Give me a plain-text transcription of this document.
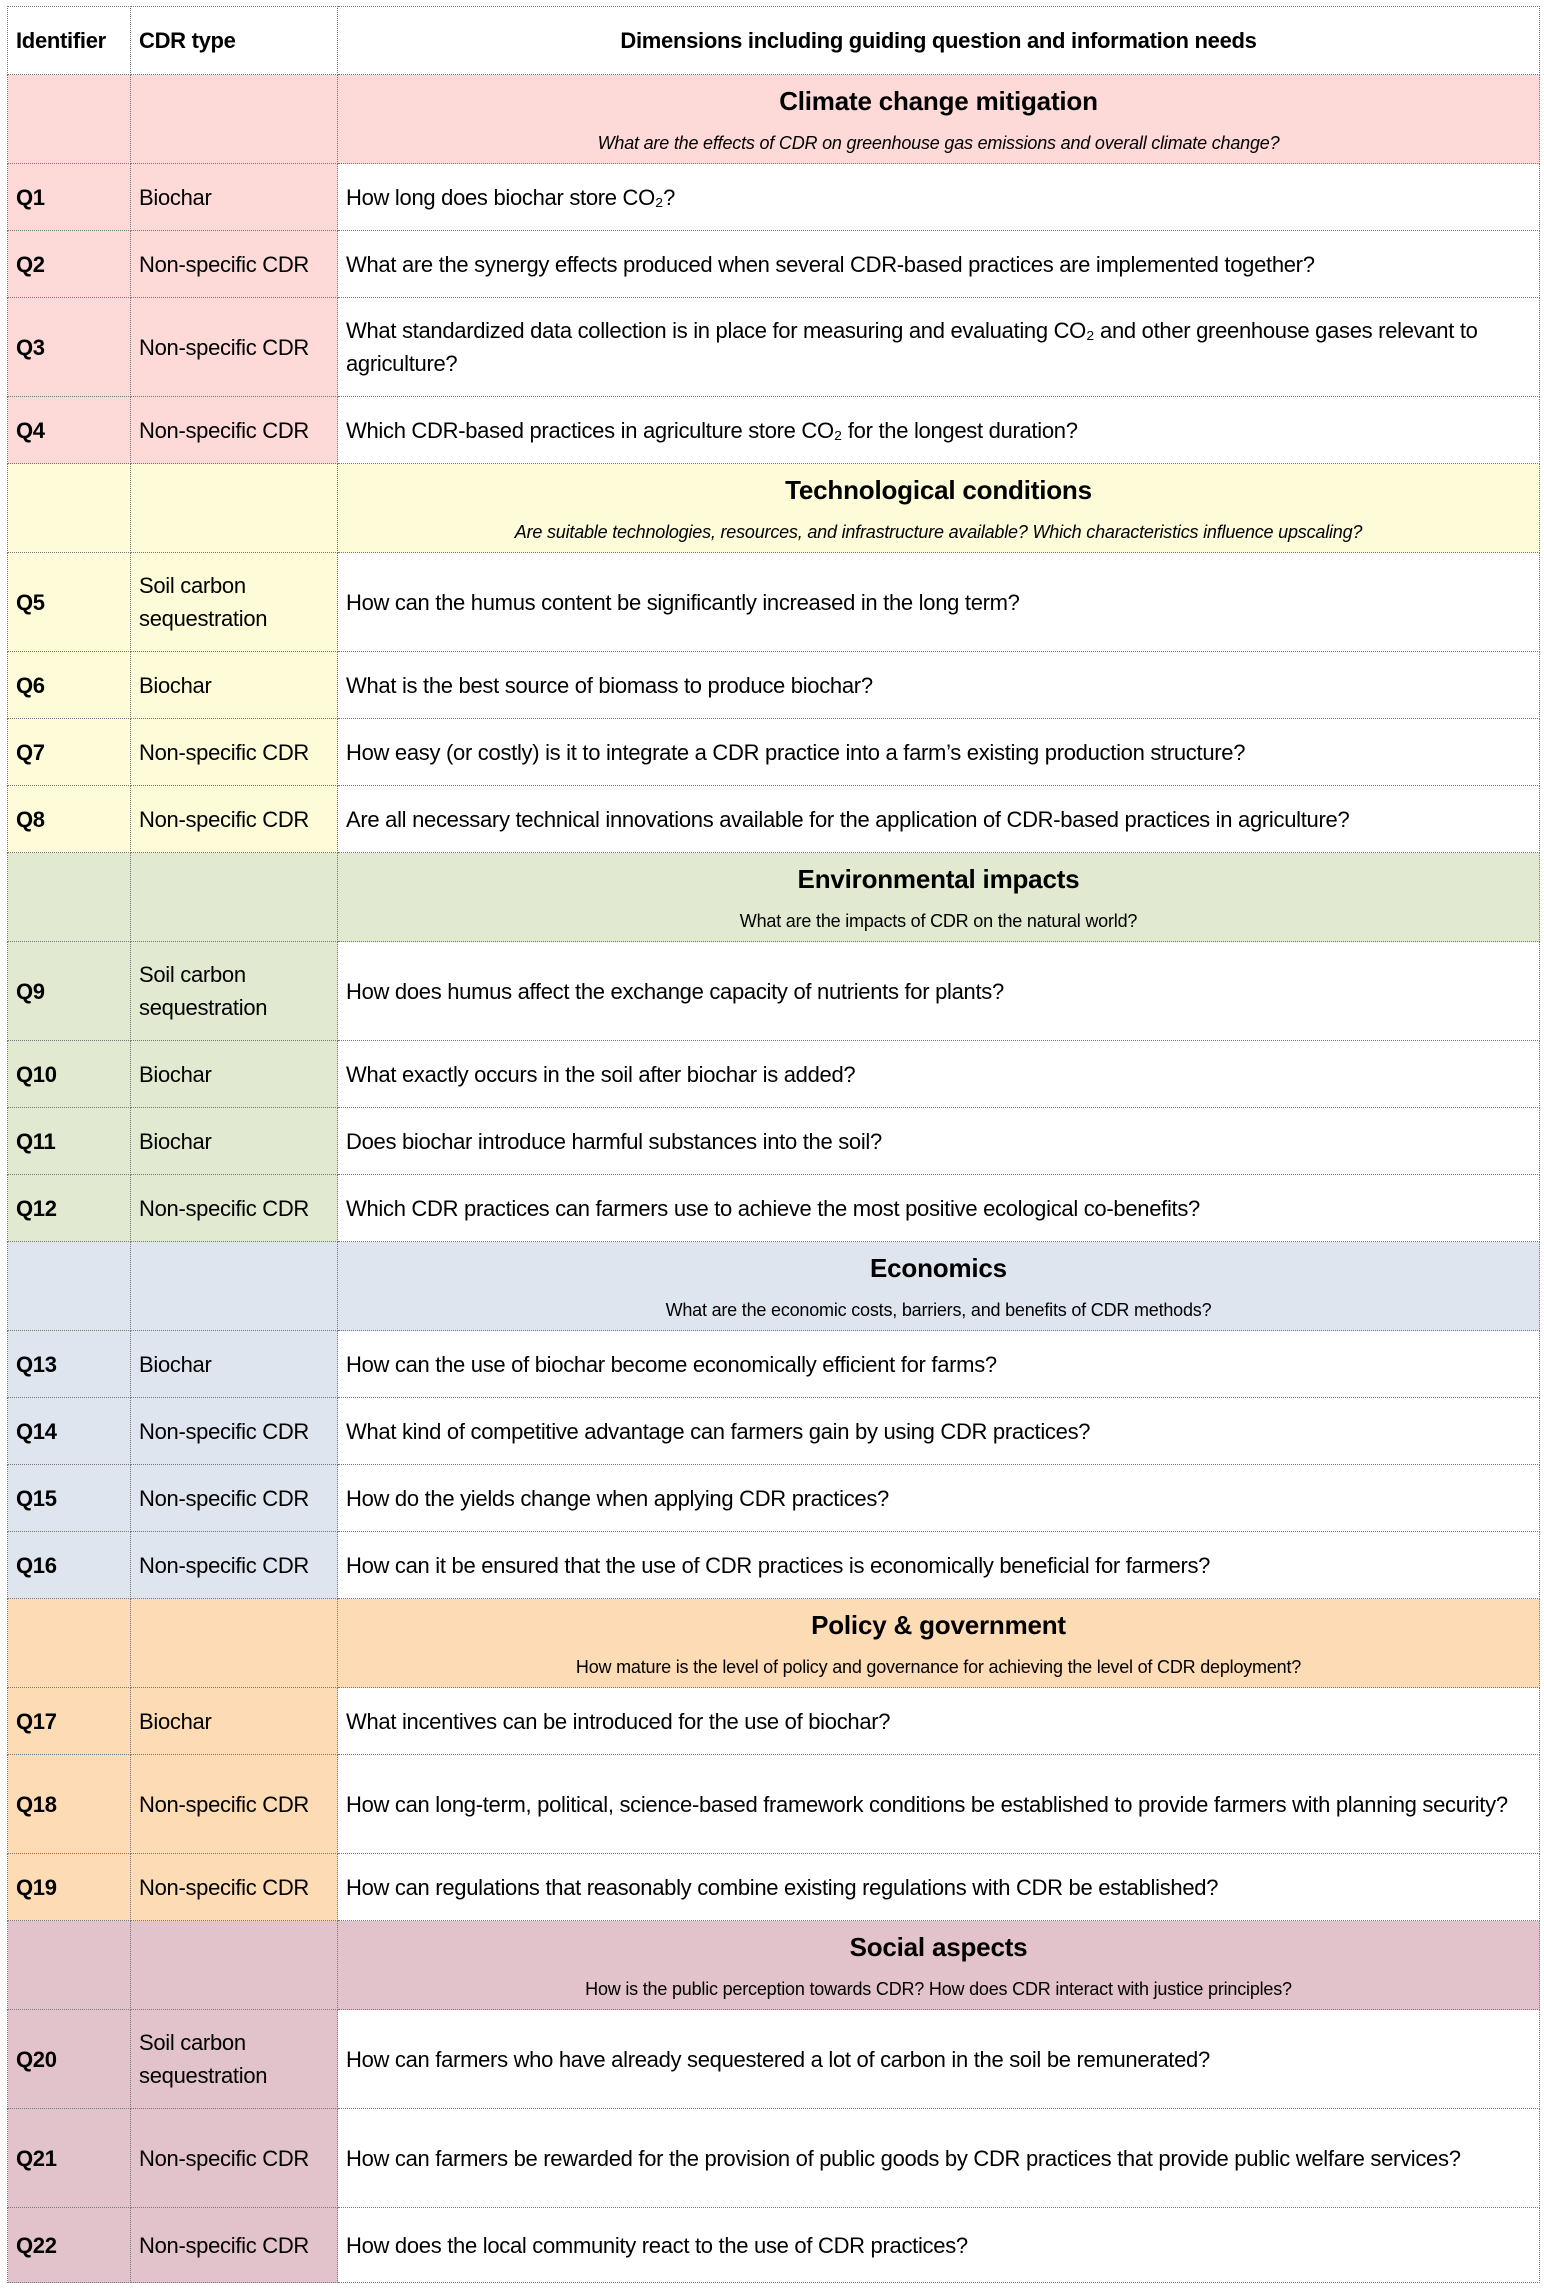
Identifier	CDR type	Dimensions including guiding question and information needs

		Climate change mitigation
What are the effects of CDR on greenhouse gas emissions and overall climate change?

Q1	Biochar	How long does biochar store CO₂?
Q2	Non-specific CDR	What are the synergy effects produced when several CDR-based practices are implemented together?
Q3	Non-specific CDR	What standardized data collection is in place for measuring and evaluating CO₂ and other greenhouse gases relevant to agriculture?
Q4	Non-specific CDR	Which CDR-based practices in agriculture store CO₂ for the longest duration?

		Technological conditions
Are suitable technologies, resources, and infrastructure available? Which characteristics influence upscaling?

Q5	Soil carbon sequestration	How can the humus content be significantly increased in the long term?
Q6	Biochar	What is the best source of biomass to produce biochar?
Q7	Non-specific CDR	How easy (or costly) is it to integrate a CDR practice into a farm’s existing production structure?
Q8	Non-specific CDR	Are all necessary technical innovations available for the application of CDR-based practices in agriculture?

		Environmental impacts
What are the impacts of CDR on the natural world?

Q9	Soil carbon sequestration	How does humus affect the exchange capacity of nutrients for plants?
Q10	Biochar	What exactly occurs in the soil after biochar is added?
Q11	Biochar	Does biochar introduce harmful substances into the soil?
Q12	Non-specific CDR	Which CDR practices can farmers use to achieve the most positive ecological co-benefits?

		Economics
What are the economic costs, barriers, and benefits of CDR methods?

Q13	Biochar	How can the use of biochar become economically efficient for farms?
Q14	Non-specific CDR	What kind of competitive advantage can farmers gain by using CDR practices?
Q15	Non-specific CDR	How do the yields change when applying CDR practices?
Q16	Non-specific CDR	How can it be ensured that the use of CDR practices is economically beneficial for farmers?

		Policy & government
How mature is the level of policy and governance for achieving the level of CDR deployment?

Q17	Biochar	What incentives can be introduced for the use of biochar?
Q18	Non-specific CDR	How can long-term, political, science-based framework conditions be established to provide farmers with planning security?
Q19	Non-specific CDR	How can regulations that reasonably combine existing regulations with CDR be established?

		Social aspects
How is the public perception towards CDR? How does CDR interact with justice principles?

Q20	Soil carbon sequestration	How can farmers who have already sequestered a lot of carbon in the soil be remunerated?
Q21	Non-specific CDR	How can farmers be rewarded for the provision of public goods by CDR practices that provide public welfare services?
Q22	Non-specific CDR	How does the local community react to the use of CDR practices?
